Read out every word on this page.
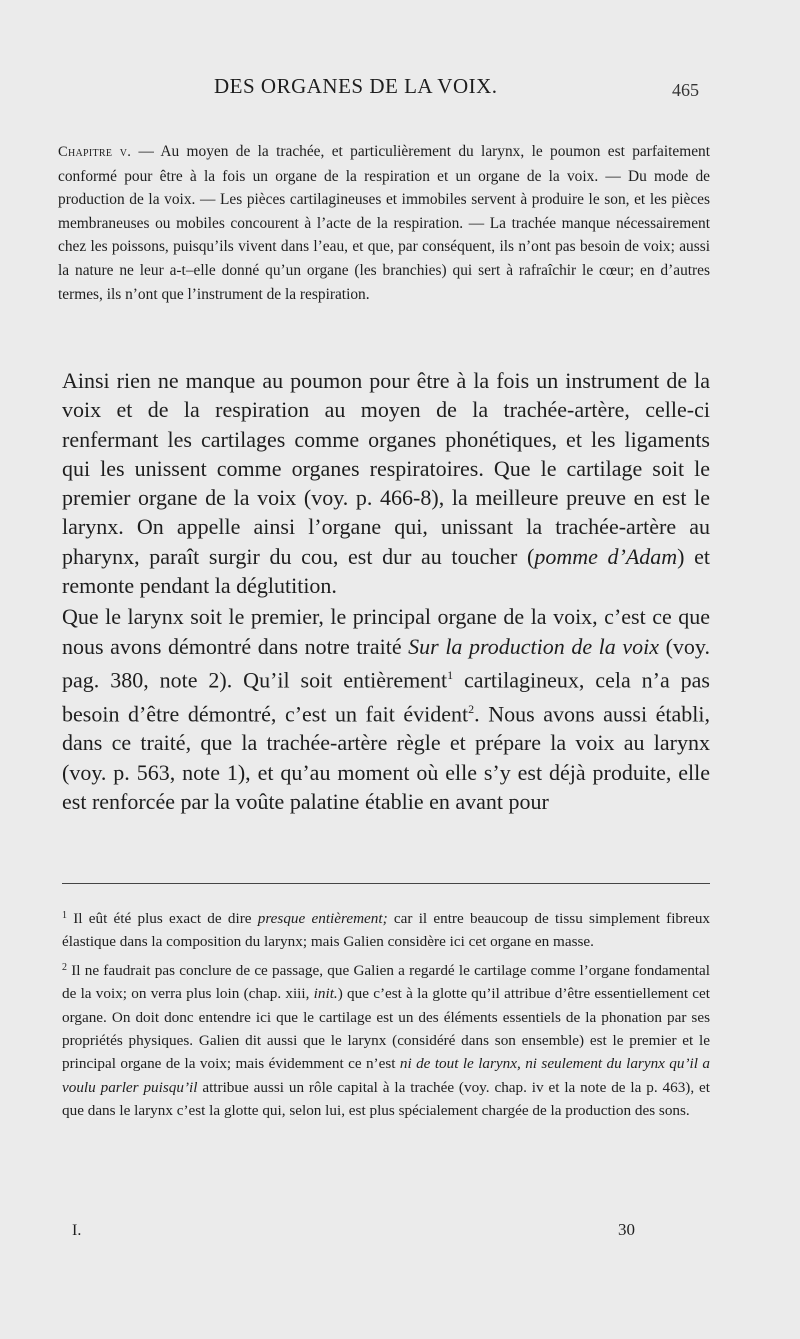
DES ORGANES DE LA VOIX.	465
Chapitre v. — Au moyen de la trachée, et particulièrement du larynx, le poumon est parfaitement conformé pour être à la fois un organe de la respiration et un organe de la voix. — Du mode de production de la voix. — Les pièces cartilagineuses et immobiles servent à produire le son, et les pièces membraneuses ou mobiles concourent à l’acte de la respiration. — La trachée manque nécessairement chez les poissons, puisqu’ils vivent dans l’eau, et que, par conséquent, ils n’ont pas besoin de voix; aussi la nature ne leur a-t–elle donné qu’un organe (les branchies) qui sert à rafraîchir le cœur; en d’autres termes, ils n’ont que l’instrument de la respiration.

Ainsi rien ne manque au poumon pour être à la fois un instrument de la voix et de la respiration au moyen de la trachée-artère, celle-ci renfermant les cartilages comme organes phonétiques, et les ligaments qui les unissent comme organes respiratoires. Que le cartilage soit le premier organe de la voix (voy. p. 466-8), la meilleure preuve en est le larynx. On appelle ainsi l’organe qui, unissant la trachée-artère au pharynx, paraît surgir du cou, est dur au toucher (pomme d’Adam) et remonte pendant la déglutition.

Que le larynx soit le premier, le principal organe de la voix, c’est ce que nous avons démontré dans notre traité Sur la production de la voix (voy. pag. 380, note 2). Qu’il soit entièrement$^1$ cartilagineux, cela n’a pas besoin d’être démontré, c’est un fait évident$^2$. Nous avons aussi établi, dans ce traité, que la trachée-artère règle et prépare la voix au larynx (voy. p. 563, note 1), et qu’au moment où elle s’y est déjà produite, elle est renforcée par la voûte palatine établie en avant pour

$^1$ Il eût été plus exact de dire presque entièrement; car il entre beaucoup de tissu simplement fibreux élastique dans la composition du larynx; mais Galien considère ici cet organe en masse.

$^2$ Il ne faudrait pas conclure de ce passage, que Galien a regardé le cartilage comme l’organe fondamental de la voix; on verra plus loin (chap. xiii, init.) que c’est à la glotte qu’il attribue d’être essentiellement cet organe. On doit donc entendre ici que le cartilage est un des éléments essentiels de la phonation par ses propriétés physiques. Galien dit aussi que le larynx (considéré dans son ensemble) est le premier et le principal organe de la voix; mais évidemment ce n’est ni de tout le larynx, ni seulement du larynx qu’il a voulu parler puisqu’il attribue aussi un rôle capital à la trachée (voy. chap. iv et la note de la p. 463), et que dans le larynx c’est la glotte qui, selon lui, est plus spécialement chargée de la production des sons.

I.	30
